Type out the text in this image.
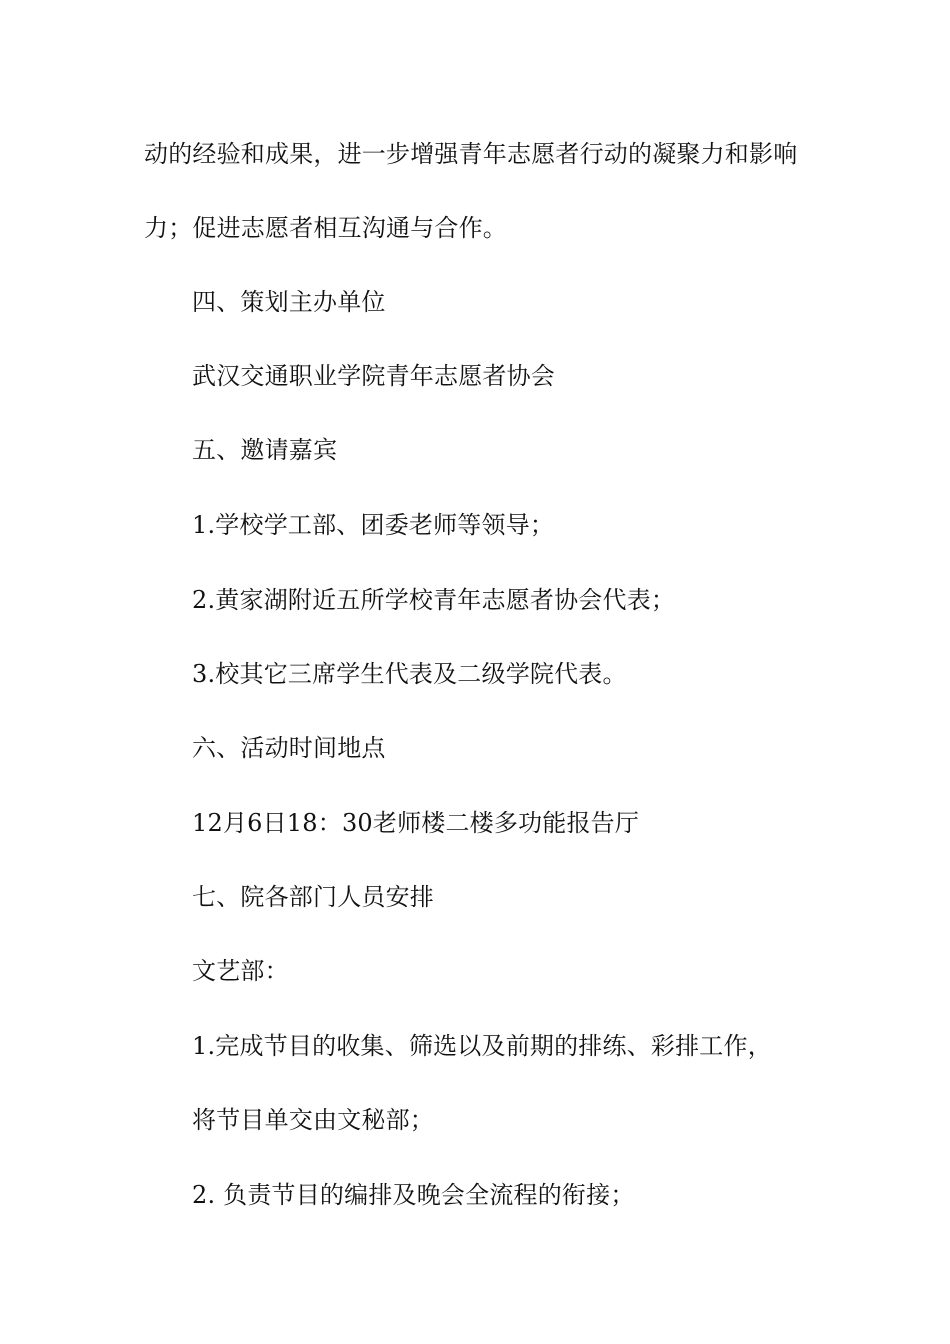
动的经验和成果，进一步增强青年志愿者行动的凝聚力和影响
力；促进志愿者相互沟通与合作。
四、策划主办单位
武汉交通职业学院青年志愿者协会
五、邀请嘉宾
1.学校学工部、团委老师等领导；
2.黄家湖附近五所学校青年志愿者协会代表；
3.校其它三席学生代表及二级学院代表。
六、活动时间地点
12月6日18：30老师楼二楼多功能报告厅
七、院各部门人员安排
文艺部：
1.完成节目的收集、筛选以及前期的排练、彩排工作，
将节目单交由文秘部；
2. 负责节目的编排及晚会全流程的衔接；
